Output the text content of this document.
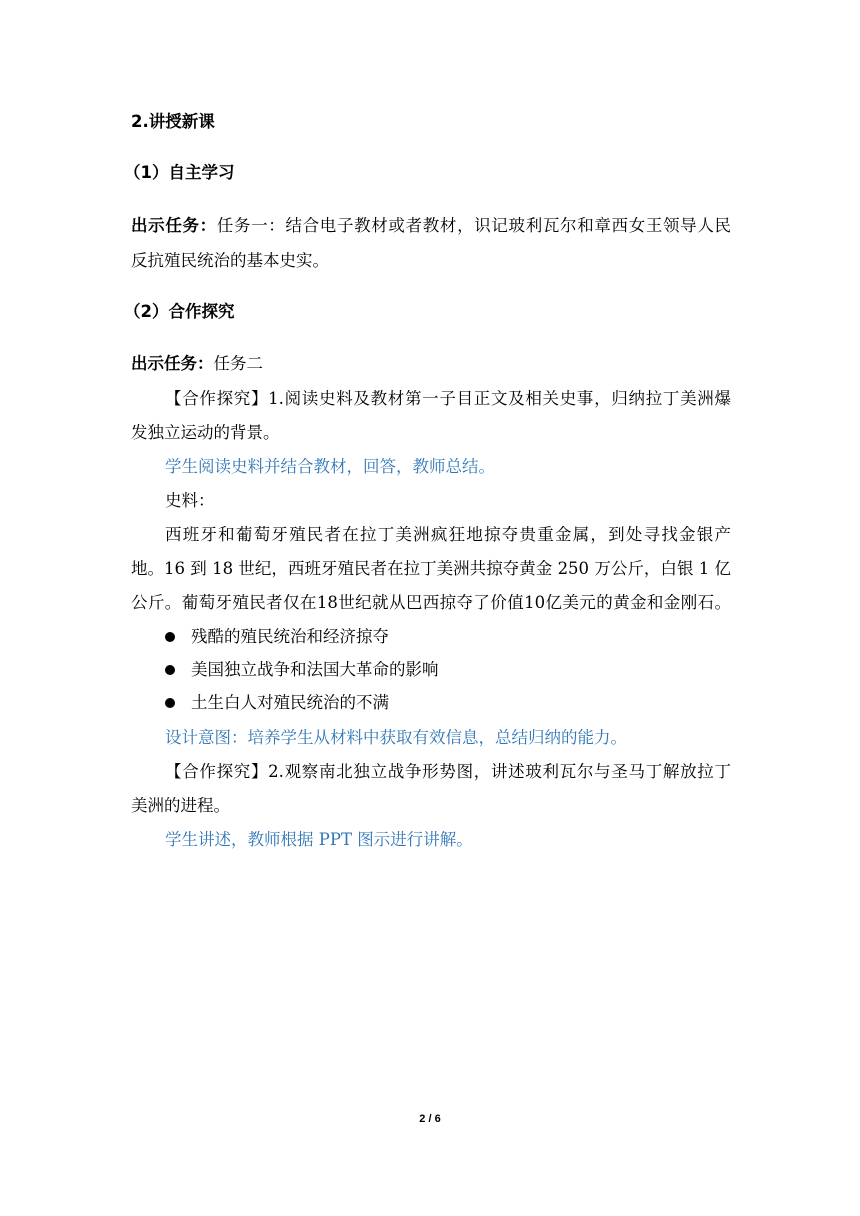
2.讲授新课
（1）自主学习
出示任务：任务一：结合电子教材或者教材，识记玻利瓦尔和章西女王领导人民
反抗殖民统治的基本史实。
（2）合作探究
出示任务：任务二
【合作探究】1.阅读史料及教材第一子目正文及相关史事，归纳拉丁美洲爆
发独立运动的背景。
学生阅读史料并结合教材，回答，教师总结。
史料：
西班牙和葡萄牙殖民者在拉丁美洲疯狂地掠夺贵重金属，到处寻找金银产
地。16 到 18 世纪，西班牙殖民者在拉丁美洲共掠夺黄金 250 万公斤，白银 1 亿
公斤。葡萄牙殖民者仅在18世纪就从巴西掠夺了价值10亿美元的黄金和金刚石。
残酷的殖民统治和经济掠夺
美国独立战争和法国大革命的影响
土生白人对殖民统治的不满
设计意图：培养学生从材料中获取有效信息，总结归纳的能力。
【合作探究】2.观察南北独立战争形势图，讲述玻利瓦尔与圣马丁解放拉丁
美洲的进程。
学生讲述，教师根据 PPT 图示进行讲解。
2 / 6
